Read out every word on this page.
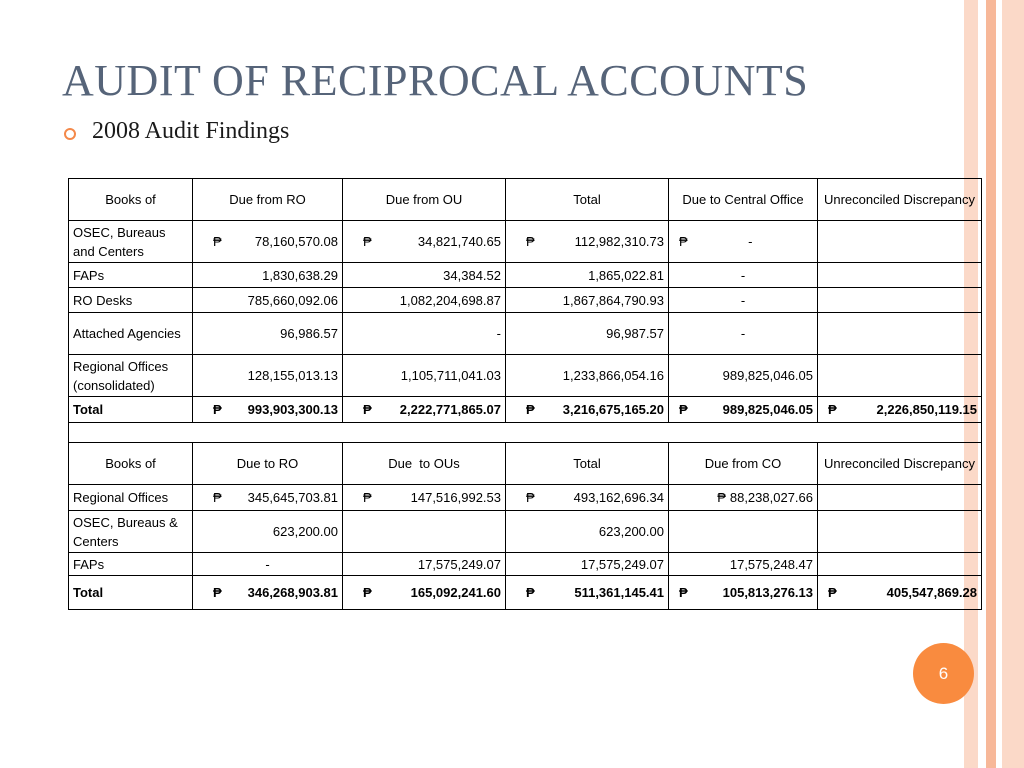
AUDIT OF RECIPROCAL ACCOUNTS
2008 Audit Findings
Books of	Due from RO	Due from OU	Total	Due to Central Office	Unreconciled Discrepancy
OSEC, Bureaus and Centers	₱ 78,160,570.08	₱ 34,821,740.65	₱ 112,982,310.73	₱ -	
FAPs	1,830,638.29	34,384.52	1,865,022.81	-	
RO Desks	785,660,092.06	1,082,204,698.87	1,867,864,790.93	-	
Attached Agencies	96,986.57	-	96,987.57	-	
Regional Offices (consolidated)	128,155,013.13	1,105,711,041.03	1,233,866,054.16	989,825,046.05	
Total	₱ 993,903,300.13	₱ 2,222,771,865.07	₱ 3,216,675,165.20	₱ 989,825,046.05	₱ 2,226,850,119.15

Books of	Due to RO	Due  to OUs	Total	Due from CO	Unreconciled Discrepancy
Regional Offices	₱ 345,645,703.81	₱ 147,516,992.53	₱ 493,162,696.34	₱ 88,238,027.66	
OSEC, Bureaus & Centers	623,200.00		623,200.00		
FAPs	-	17,575,249.07	17,575,249.07	17,575,248.47	
Total	₱ 346,268,903.81	₱ 165,092,241.60	₱ 511,361,145.41	₱ 105,813,276.13	₱ 405,547,869.28
6
